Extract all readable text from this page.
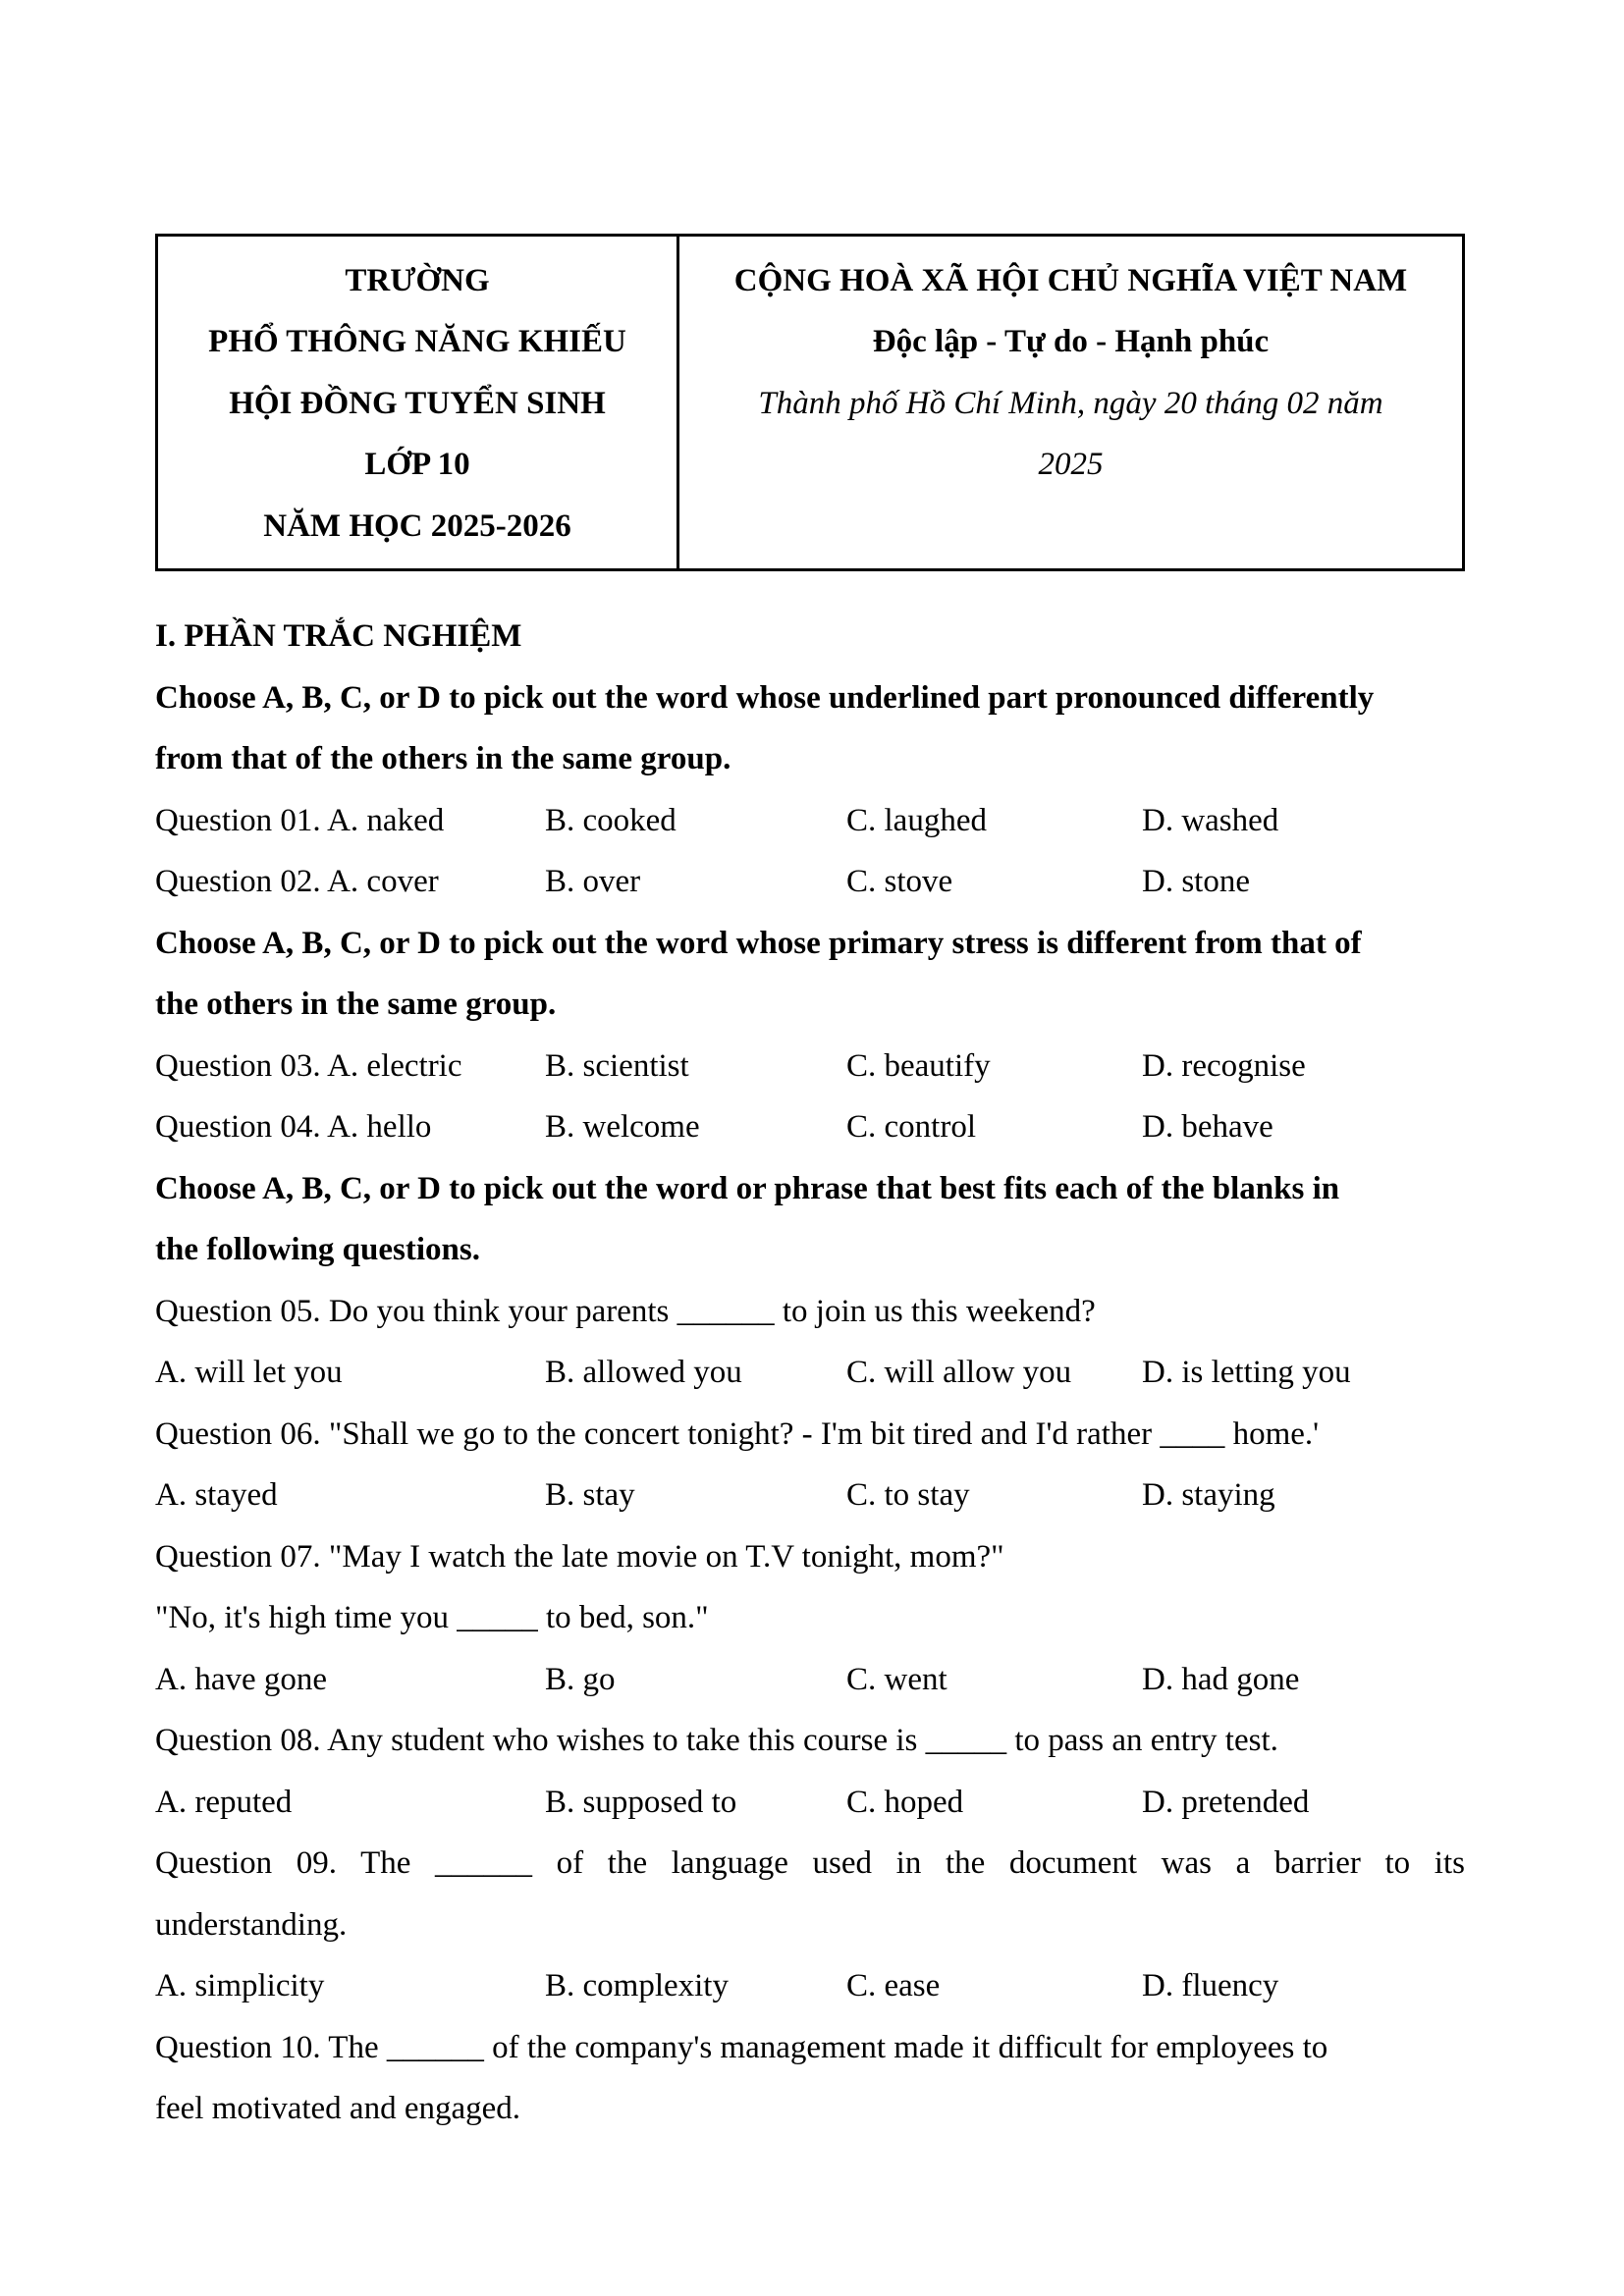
TRƯỜNG
PHỔ THÔNG NĂNG KHIẾU
HỘI ĐỒNG TUYỂN SINH
LỚP 10
NĂM HỌC 2025-2026
CỘNG HOÀ XÃ HỘI CHỦ NGHĨA VIỆT NAM
Độc lập - Tự do - Hạnh phúc
Thành phố Hồ Chí Minh, ngày 20 tháng 02 năm
2025
I. PHẦN TRẮC NGHIỆM
Choose A, B, C, or D to pick out the word whose underlined part pronounced differently
from that of the others in the same group.
Question 01. A. naked	B. cooked	C. laughed	D. washed
Question 02. A. cover	B. over	C. stove	D. stone
Choose A, B, C, or D to pick out the word whose primary stress is different from that of
the others in the same group.
Question 03. A. electric	B. scientist	C. beautify	D. recognise
Question 04. A. hello	B. welcome	C. control	D. behave
Choose A, B, C, or D to pick out the word or phrase that best fits each of the blanks in
the following questions.
Question 05. Do you think your parents ______ to join us this weekend?
A. will let you	B. allowed you	C. will allow you D. is letting you
Question 06. "Shall we go to the concert tonight? - I'm bit tired and I'd rather ____ home.'
A. stayed	B. stay	C. to stay	D. staying
Question 07. "May I watch the late movie on T.V tonight, mom?"
"No, it's high time you _____ to bed, son."
A. have gone	B. go	C. went	D. had gone
Question 08. Any student who wishes to take this course is _____ to pass an entry test.
A. reputed	B. supposed to	C. hoped	D. pretended
Question 09. The ______ of the language used in the document was a barrier to its
understanding.
A. simplicity	B. complexity	C. ease	D. fluency
Question 10. The ______ of the company's management made it difficult for employees to
feel motivated and engaged.
